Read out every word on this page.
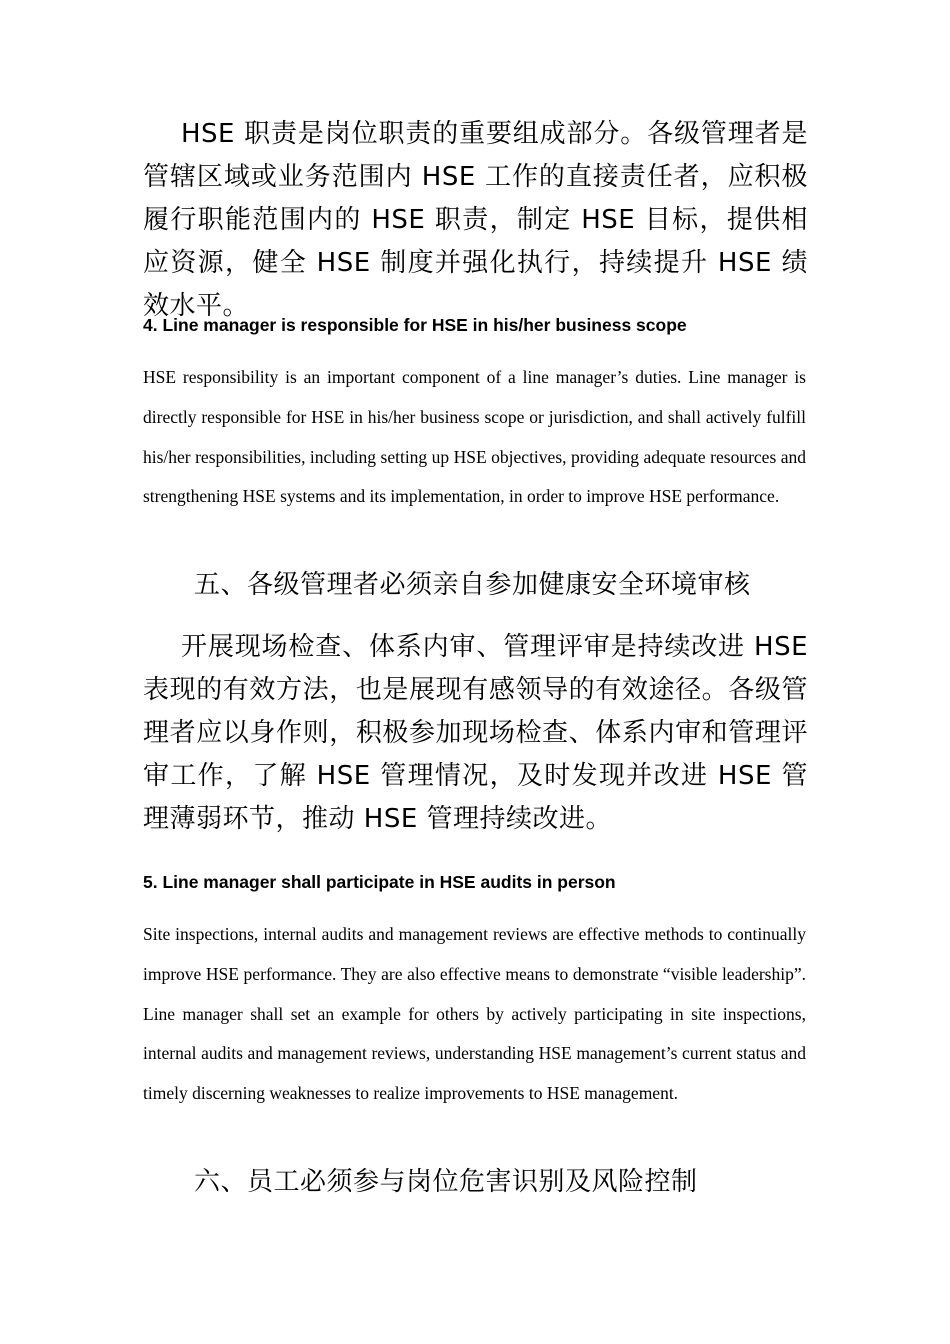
HSE 职责是岗位职责的重要组成部分。各级管理者是管辖区域或业务范围内 HSE 工作的直接责任者，应积极履行职能范围内的 HSE 职责，制定 HSE 目标，提供相应资源，健全 HSE 制度并强化执行，持续提升 HSE 绩效水平。

4. Line manager is responsible for HSE in his/her business scope

HSE responsibility is an important component of a line manager’s duties. Line manager is directly responsible for HSE in his/her business scope or jurisdiction, and shall actively fulfill his/her responsibilities, including setting up HSE objectives, providing adequate resources and strengthening HSE systems and its implementation, in order to improve HSE performance.

五、各级管理者必须亲自参加健康安全环境审核

开展现场检查、体系内审、管理评审是持续改进 HSE 表现的有效方法，也是展现有感领导的有效途径。各级管理者应以身作则，积极参加现场检查、体系内审和管理评审工作，了解 HSE 管理情况，及时发现并改进 HSE 管理薄弱环节，推动 HSE 管理持续改进。

5. Line manager shall participate in HSE audits in person

Site inspections, internal audits and management reviews are effective methods to continually improve HSE performance. They are also effective means to demonstrate “visible leadership”. Line manager shall set an example for others by actively participating in site inspections, internal audits and management reviews, understanding HSE management’s current status and timely discerning weaknesses to realize improvements to HSE management.

六、员工必须参与岗位危害识别及风险控制
